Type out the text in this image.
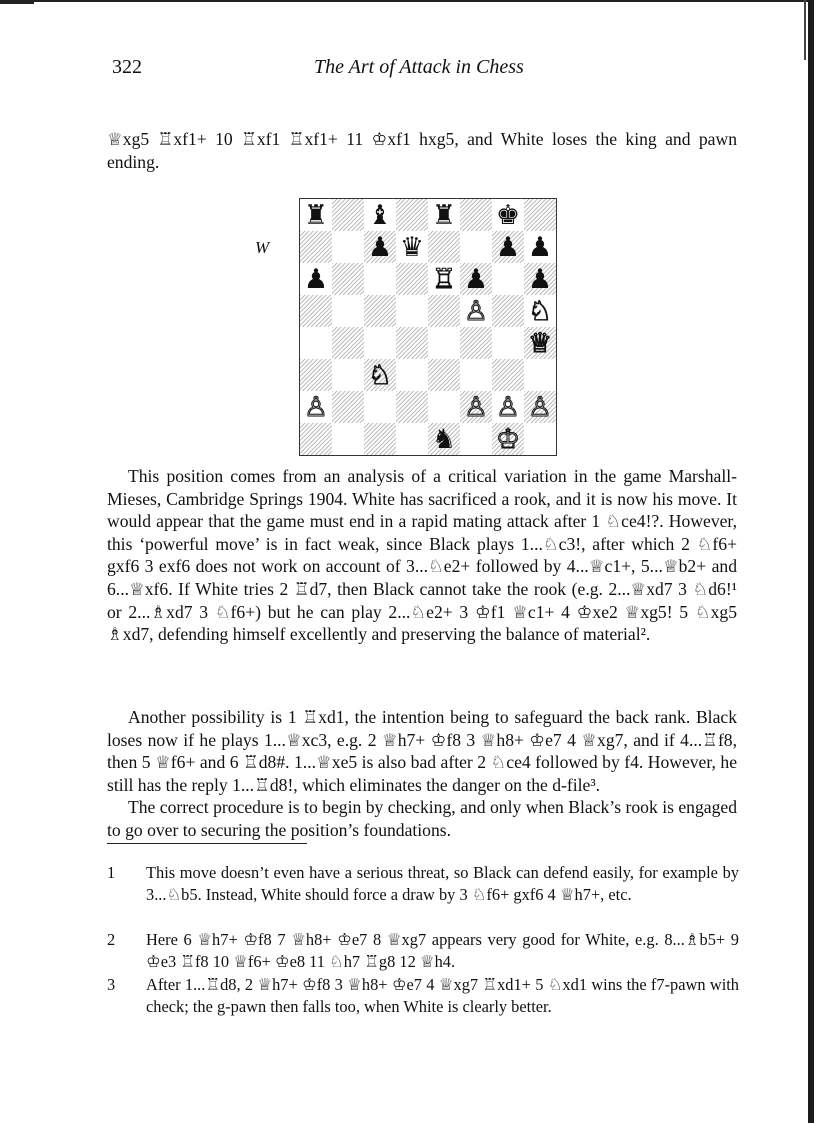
322	The Art of Attack in Chess
♕xg5 ♖xf1+ 10 ♖xf1 ♖xf1+ 11 ♔xf1 hxg5, and White loses the king and pawn ending.
W
♜ ♝ ♜ ♚
♟ ♛	♟ ♟
♟	♖ ♟ ♟
♙ ♘
♕
♘
♙	♙ ♙ ♙
♞ ♔
This position comes from an analysis of a critical variation in the game Marshall-Mieses, Cambridge Springs 1904. White has sacrificed a rook, and it is now his move. It would appear that the game must end in a rapid mating attack after 1 ♘ce4!?. However, this ‘powerful move’ is in fact weak, since Black plays 1...♘c3!, after which 2 ♘f6+ gxf6 3 exf6 does not work on account of 3...♘e2+ followed by 4...♕c1+, 5...♕b2+ and 6...♕xf6. If White tries 2 ♖d7, then Black cannot take the rook (e.g. 2...♕xd7 3 ♘d6!¹ or 2...♗xd7 3 ♘f6+) but he can play 2...♘e2+ 3 ♔f1 ♕c1+ 4 ♔xe2 ♕xg5! 5 ♘xg5 ♗xd7, defending himself excellently and preserving the balance of material².
Another possibility is 1 ♖xd1, the intention being to safeguard the back rank. Black loses now if he plays 1...♕xc3, e.g. 2 ♕h7+ ♔f8 3 ♕h8+ ♔e7 4 ♕xg7, and if 4...♖f8, then 5 ♕f6+ and 6 ♖d8#. 1...♕xe5 is also bad after 2 ♘ce4 followed by f4. However, he still has the reply 1...♖d8!, which eliminates the danger on the d-file³.
The correct procedure is to begin by checking, and only when Black’s rook is engaged to go over to securing the position’s foundations.
1	This move doesn’t even have a serious threat, so Black can defend easily, for example by 3...♘b5. Instead, White should force a draw by 3 ♘f6+ gxf6 4 ♕h7+, etc.
2	Here 6 ♕h7+ ♔f8 7 ♕h8+ ♔e7 8 ♕xg7 appears very good for White, e.g. 8...♗b5+ 9 ♔e3 ♖f8 10 ♕f6+ ♔e8 11 ♘h7 ♖g8 12 ♕h4.
3	After 1...♖d8, 2 ♕h7+ ♔f8 3 ♕h8+ ♔e7 4 ♕xg7 ♖xd1+ 5 ♘xd1 wins the f7-pawn with check; the g-pawn then falls too, when White is clearly better.
